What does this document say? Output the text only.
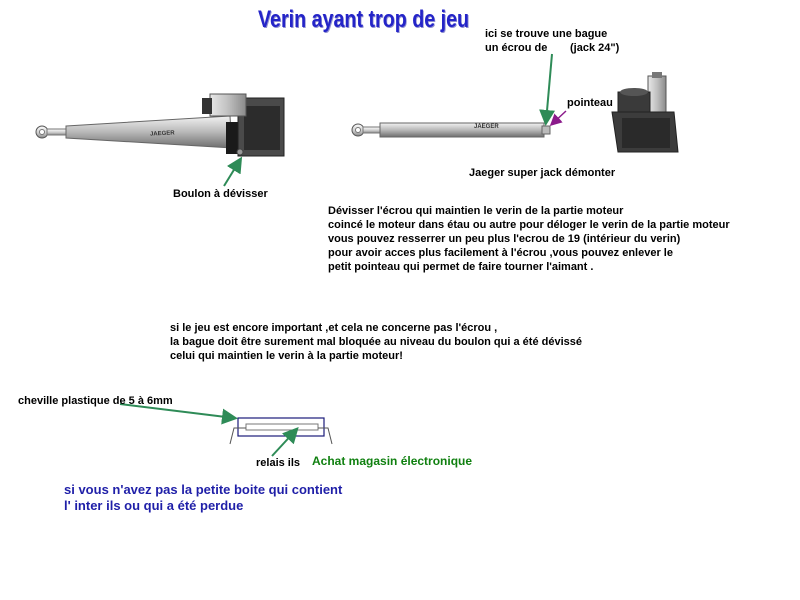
Verin ayant trop de jeu
JAEGER
JAEGER
Boulon à dévisser
ici se trouve une bague
un écrou de (jack 24")
pointeau
Jaeger super jack démonter
Dévisser l'écrou qui maintien le verin de la partie moteur
coincé le moteur dans étau ou autre pour déloger le verin de la partie moteur
vous pouvez resserrer un peu plus l'ecrou de 19 (intérieur du verin)
pour avoir acces plus facilement à l'écrou ,vous pouvez enlever le
petit pointeau qui permet de faire tourner l'aimant .
si le jeu est encore important ,et cela ne concerne pas l'écrou ,
la bague doit être surement mal bloquée au niveau du boulon qui a été dévissé
celui qui maintien le verin à la partie moteur!
cheville plastique de 5 à 6mm
relais ils Achat magasin électronique
si vous n'avez pas la petite boite qui contient
l' inter ils ou qui a été perdue
